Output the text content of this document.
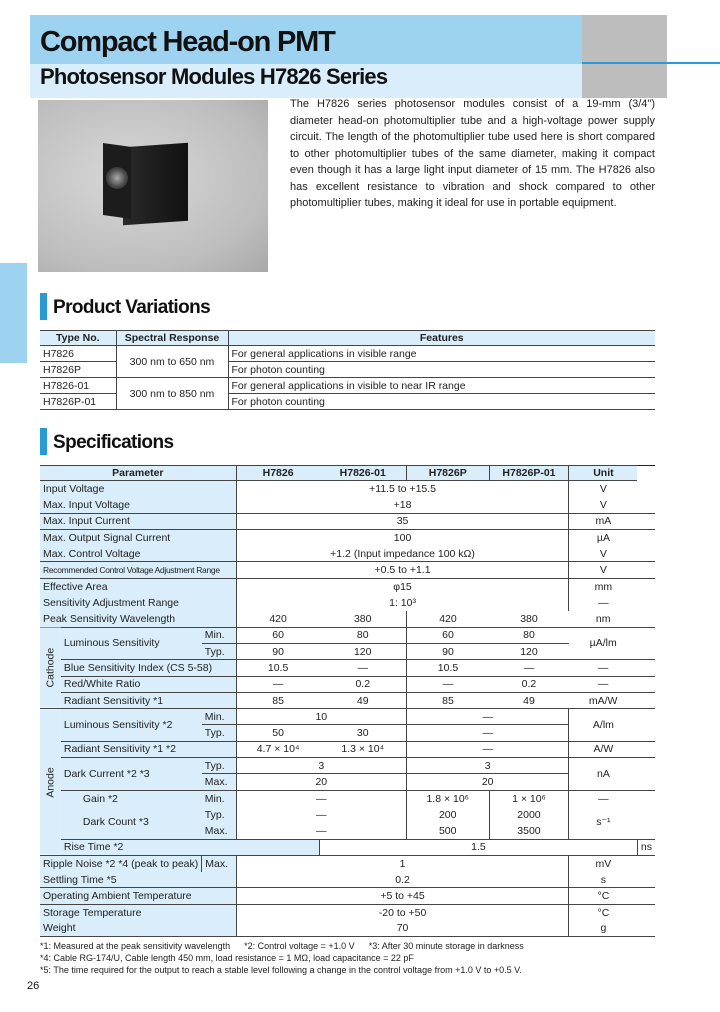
Compact Head-on PMT
Photosensor Modules H7826 Series

The H7826 series photosensor modules consist of a 19-mm (3/4") diameter head-on photomultiplier tube and a high-voltage power supply circuit. The length of the photomultiplier tube used here is short compared to other photomultiplier tubes of the same diameter, making it compact even though it has a large light input diameter of 15 mm. The H7826 also has excellent resistance to vibration and shock compared to other photomultiplier tubes, making it ideal for use in portable equipment.

Product Variations
Type No.	Spectral Response	Features
H7826	300 nm to 650 nm	For general applications in visible range
H7826P		For photon counting
H7826-01	300 nm to 850 nm	For general applications in visible to near IR range
H7826P-01		For photon counting
Specifications
Parameter			H7826	H7826-01	H7826P	H7826P-01	Unit	
Input Voltage			+11.5 to +15.5				V	
Max. Input Voltage			+18				V	
Max. Input Current			35				mA	
Max. Output Signal Current			100				µA	
Max. Control Voltage			+1.2 (Input impedance 100 kΩ)				V	
Recommended Control Voltage Adjustment Range			+0.5 to +1.1				V	
Effective Area			φ15				mm	
Sensitivity Adjustment Range			1: 10³				—	
Peak Sensitivity Wavelength			420	380	420	380	nm	
Cathode	Luminous Sensitivity	Min.	60	80	60	80	µA/lm	
		Typ.	90	120	90	120		
	Blue Sensitivity Index (CS 5-58)		10.5	—	10.5	—	—	
	Red/White Ratio		—	0.2	—	0.2	—	
	Radiant Sensitivity *1		85	49	85	49	mA/W	
Anode	Luminous Sensitivity *2	Min.	10		—		A/lm	
		Typ.	50	30	—			
	Radiant Sensitivity *1 *2		4.7 × 10⁴	1.3 × 10⁴	—		A/W	
	Dark Current *2 *3	Typ.	3		3		nA	
		Max.	20		20			
	Gain *2	Min.	—		1.8 × 10⁶	1 × 10⁶	—	
	Dark Count *3	Typ.	—		200	2000	s⁻¹	
		Max.	—		500	3500		
	Rise Time *2			1.5				ns
Ripple Noise *2 *4 (peak to peak)		Max.	1				mV	
Settling Time *5			0.2				s	
Operating Ambient Temperature			+5 to +45				°C	
Storage Temperature			-20 to +50				°C	
Weight			70				g	
*1: Measured at the peak sensitivity wavelength *2: Control voltage = +1.0 V *3: After 30 minute storage in darkness
*4: Cable RG-174/U, Cable length 450 mm, load resistance = 1 MΩ, load capacitance = 22 pF
*5: The time required for the output to reach a stable level following a change in the control voltage from +1.0 V to +0.5 V.
26
